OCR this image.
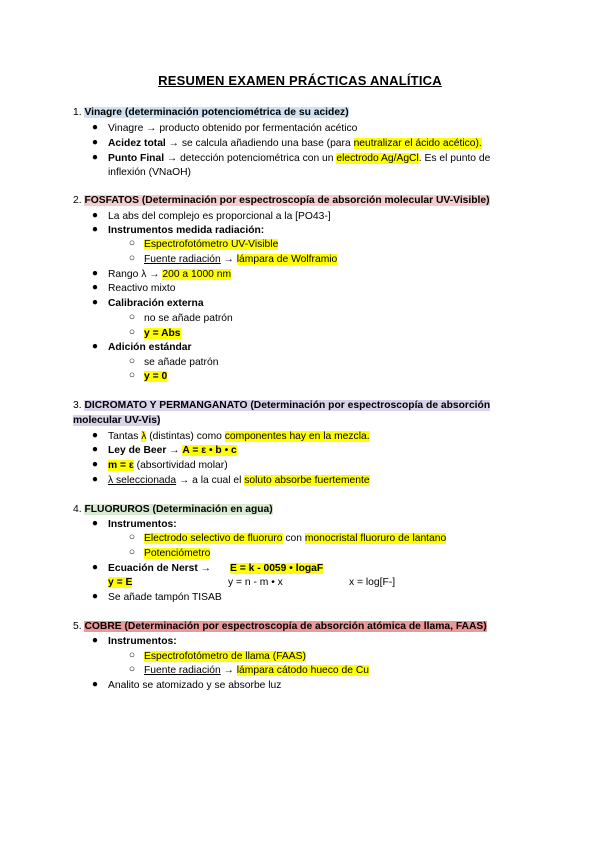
RESUMEN EXAMEN PRÁCTICAS ANALÍTICA
1. Vinagre (determinación potenciométrica de su acidez)
● Vinagre → producto obtenido por fermentación acético
● Acidez total → se calcula añadiendo una base (para neutralizar el ácido acético).
● Punto Final → detección potenciométrica con un electrodo Ag/AgCl. Es el punto de
inflexión (VNaOH)
2. FOSFATOS (Determinación por espectroscopía de absorción molecular UV-Visible)
● La abs del complejo es proporcional a la [PO43-]
● Instrumentos medida radiación:
○ Espectrofotómetro UV-Visible
○ Fuente radiación → lámpara de Wolframio
● Rango λ → 200 a 1000 nm
● Reactivo mixto
● Calibración externa
○ no se añade patrón
○ y = Abs
● Adición estándar
○ se añade patrón
○ y = 0
3. DICROMATO Y PERMANGANATO (Determinación por espectroscopía de absorción
molecular UV-Vis)
● Tantas λ (distintas) como componentes hay en la mezcla.
● Ley de Beer → A = ε • b • c
● m = ε (absortividad molar)
● λ seleccionada → a la cual el soluto absorbe fuertemente
4. FLUORUROS (Determinación en agua)
● Instrumentos:
○ Electrodo selectivo de fluoruro con monocristal fluoruro de lantano
○ Potenciómetro
● Ecuación de Nerst → E = k - 0059 • logaF
y = E	y = n - m • x	x = log[F-]
● Se añade tampón TISAB
5. COBRE (Determinación por espectroscopía de absorción atómica de llama, FAAS)
● Instrumentos:
○ Espectrofotómetro de llama (FAAS)
○ Fuente radiación → lámpara cátodo hueco de Cu
● Analito se atomizado y se absorbe luz
